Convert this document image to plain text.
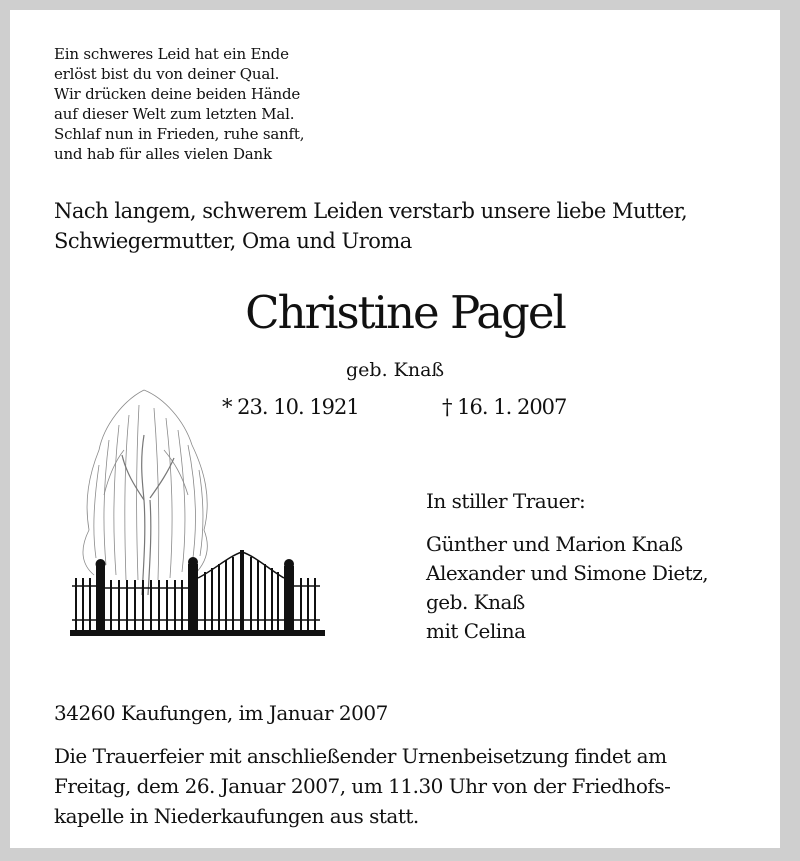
Ein schweres Leid hat ein Ende
erlöst bist du von deiner Qual.
Wir drücken deine beiden Hände
auf dieser Welt zum letzten Mal.
Schlaf nun in Frieden, ruhe sanft,
und hab für alles vielen Dank
Nach langem, schwerem Leiden verstarb unsere liebe Mutter,
Schwiegermutter, Oma und Uroma
Christine Pagel
geb. Knaß
* 23. 10. 1921	† 16. 1. 2007
In stiller Trauer:
Günther und Marion Knaß
Alexander und Simone Dietz,
geb. Knaß
mit Celina
34260 Kaufungen, im Januar 2007
Die Trauerfeier mit anschließender Urnenbeisetzung findet am
Freitag, dem 26. Januar 2007, um 11.30 Uhr von der Friedhofs-
kapelle in Niederkaufungen aus statt.
